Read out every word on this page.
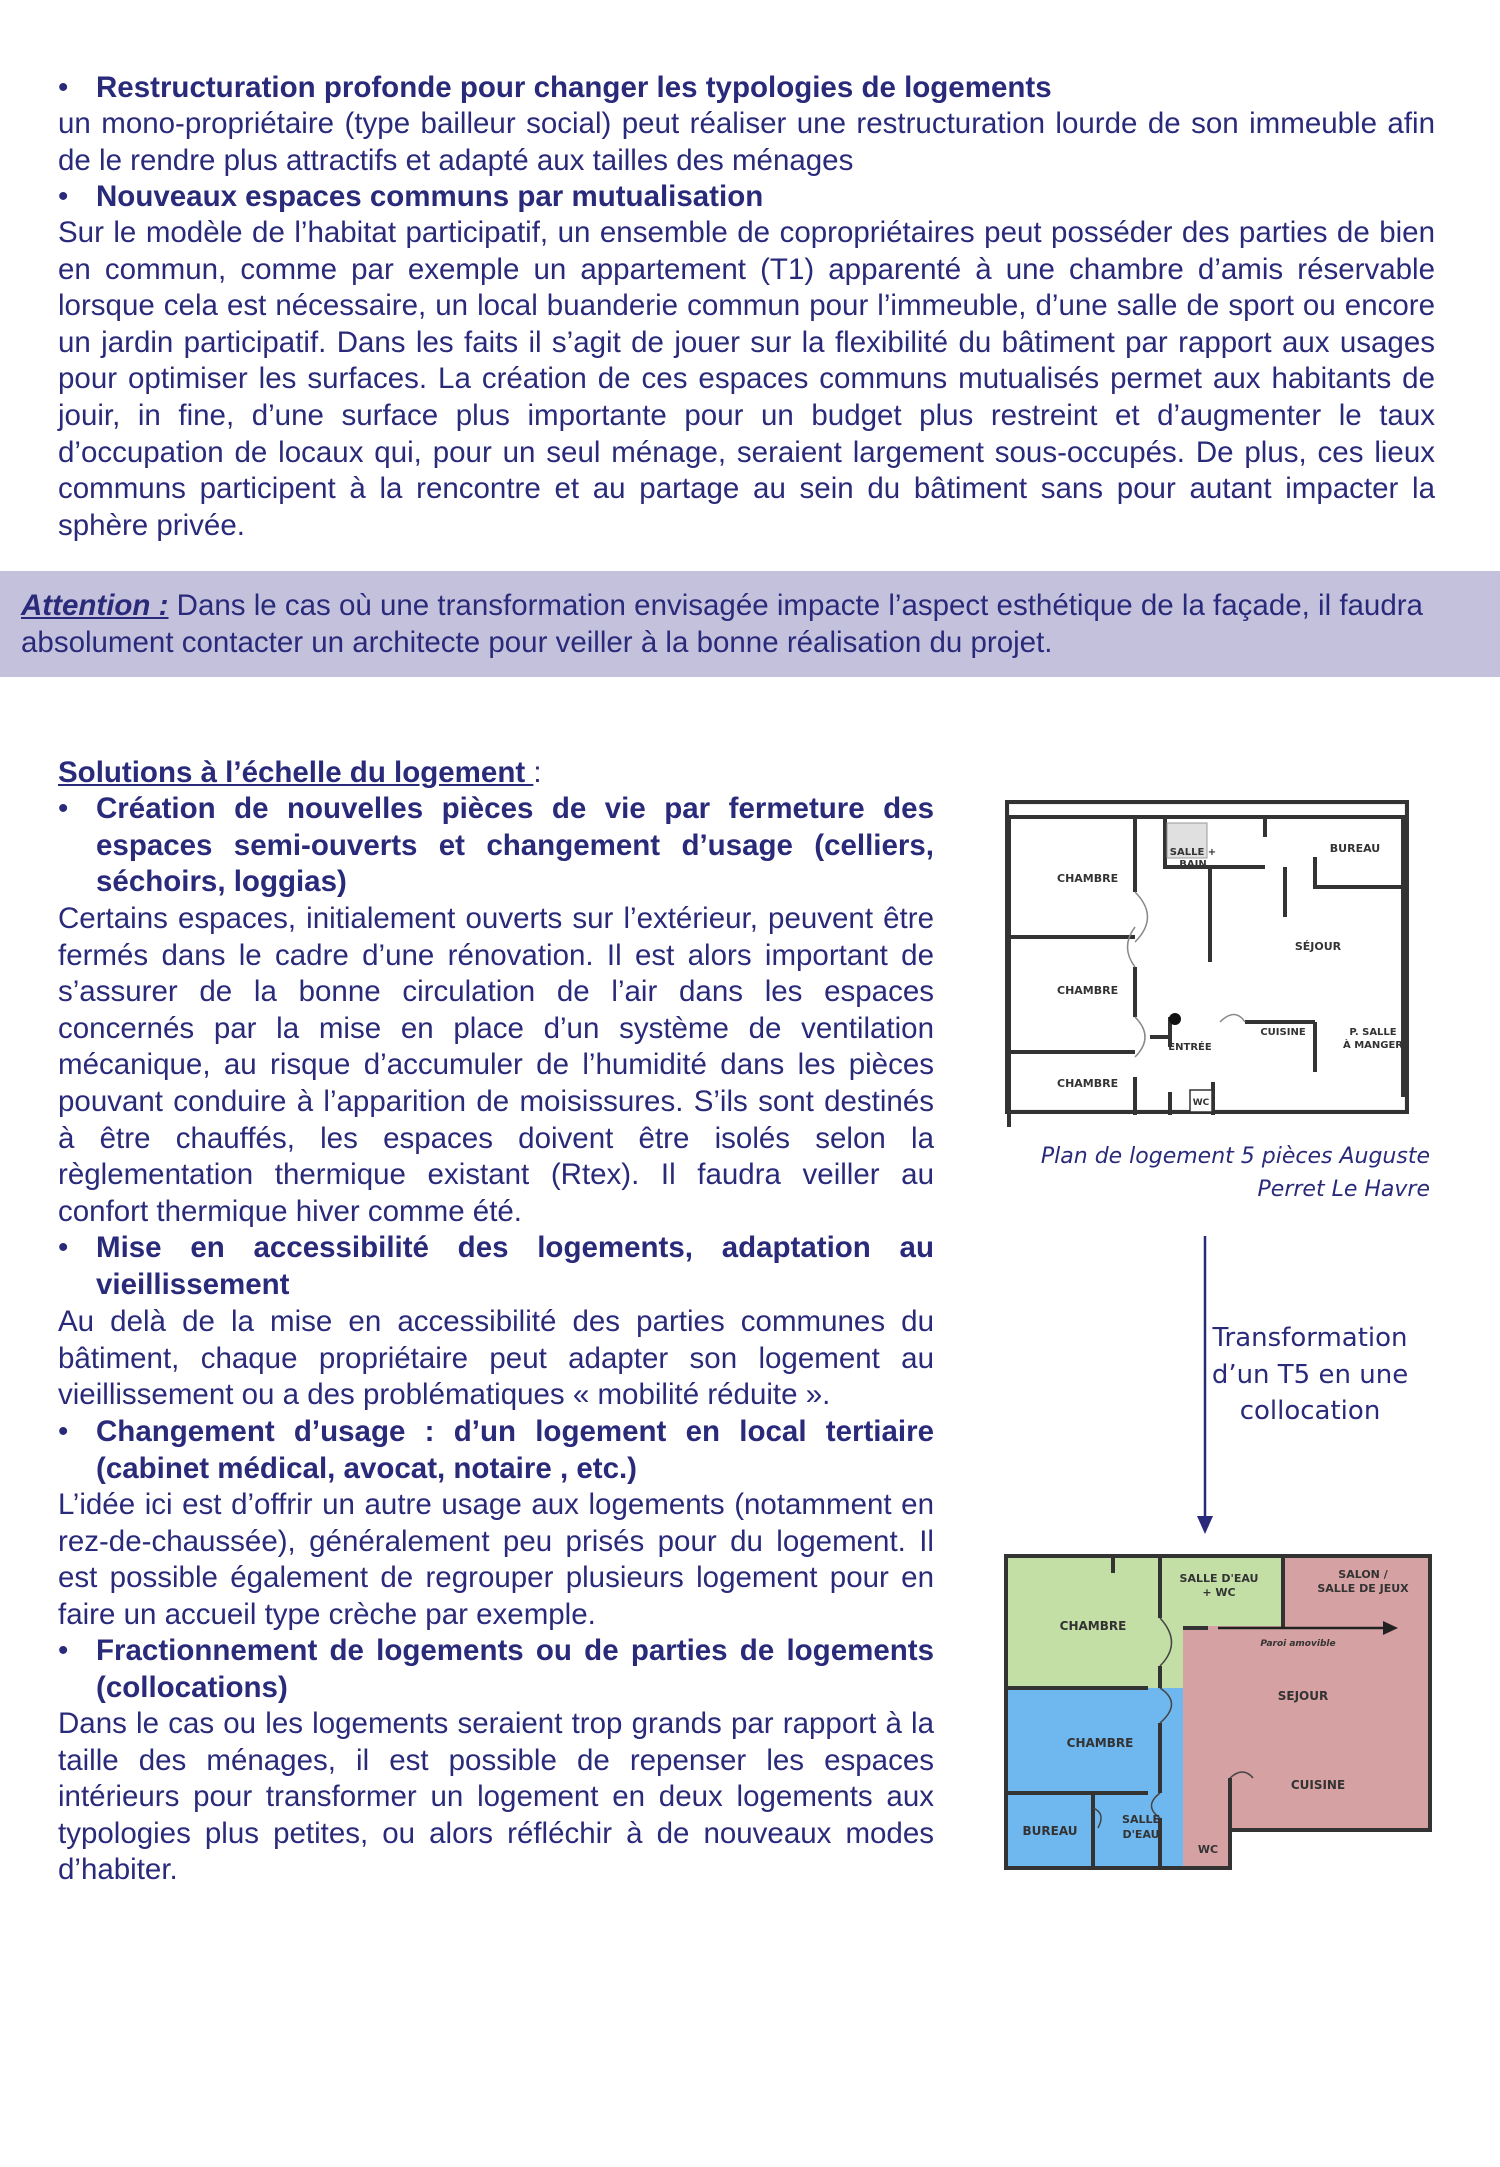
• Restructuration profonde pour changer les typologies de logements
un mono-propriétaire (type bailleur social) peut réaliser une restructuration lourde de son immeuble afin de le rendre plus attractifs et adapté aux tailles des ménages
• Nouveaux espaces communs par mutualisation
Sur le modèle de l’habitat participatif, un ensemble de copropriétaires peut posséder des parties de bien en commun, comme par exemple un appartement (T1) apparenté à une chambre d’amis réservable lorsque cela est nécessaire, un local buanderie commun pour l’immeuble, d’une salle de sport ou encore un jardin participatif. Dans les faits il s’agit de jouer sur la flexibilité du bâtiment par rapport aux usages pour optimiser les surfaces. La création de ces espaces communs mutualisés permet aux habitants de jouir, in fine, d’une surface plus importante pour un budget plus restreint et d’augmenter le taux d’occupation de locaux qui, pour un seul ménage, seraient largement sous-occupés. De plus, ces lieux communs participent à la rencontre et au partage au sein du bâtiment sans pour autant impacter la sphère privée.

Attention : Dans le cas où une transformation envisagée impacte l’aspect esthétique de la façade, il faudra absolument contacter un architecte pour veiller à la bonne réalisation du projet.

Solutions à l’échelle du logement :
• Création de nouvelles pièces de vie par fermeture des espaces semi-ouverts et changement d’usage (celliers, séchoirs, loggias)
Certains espaces, initialement ouverts sur l’extérieur, peuvent être fermés dans le cadre d’une rénovation. Il est alors important de s’assurer de la bonne circulation de l’air dans les espaces concernés par la mise en place d’un système de ventilation mécanique, au risque d’accumuler de l’humidité dans les pièces pouvant conduire à l’apparition de moisissures. S’ils sont destinés à être chauffés, les espaces doivent être isolés selon la règlementation thermique existant (Rtex). Il faudra veiller au confort thermique hiver comme été.
• Mise en accessibilité des logements, adaptation au vieillissement
Au delà de la mise en accessibilité des parties communes du bâtiment, chaque propriétaire peut adapter son logement au vieillissement ou a des problématiques « mobilité réduite ».
• Changement d’usage : d’un logement en local tertiaire (cabinet médical, avocat, notaire , etc.)
L’idée ici est d’offrir un autre usage aux logements (notamment en rez-de-chaussée), généralement peu prisés pour du logement. Il est possible également de regrouper plusieurs logement pour en faire un accueil type crèche par exemple.
• Fractionnement de logements ou de parties de logements (collocations)
Dans le cas ou les logements seraient trop grands par rapport à la taille des ménages, il est possible de repenser les espaces intérieurs pour transformer un logement en deux logements aux typologies plus petites, ou alors réfléchir à de nouveaux modes d’habiter.
CHAMBRE
CHAMBRE
CHAMBRE
SALLE +
BAIN
BUREAU
SÉJOUR
CUISINE	P. SALLE
À MANGER
ENTRÉE
WC
Plan de logement 5 pièces Auguste
Perret Le Havre
Transformation
d’un T5 en une
collocation
CHAMBRE
CHAMBRE
SALLE D'EAU
+ WC
SALON /
SALLE DE JEUX
Paroi amovible
SEJOUR
CUISINE
BUREAU
SALLE
D'EAU
WC
